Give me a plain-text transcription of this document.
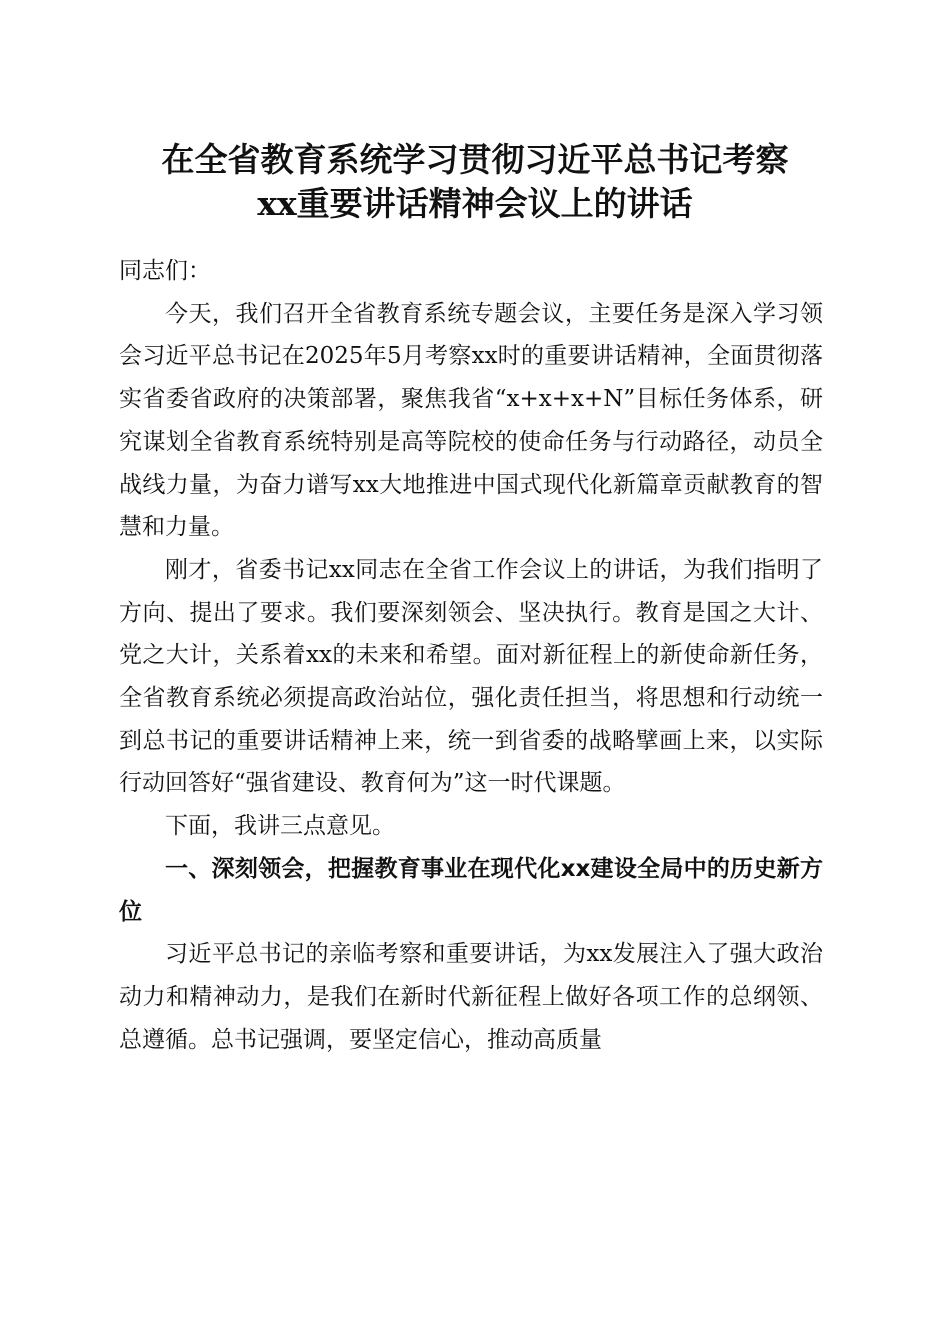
在全省教育系统学习贯彻习近平总书记考察
xx重要讲话精神会议上的讲话

同志们：

今天，我们召开全省教育系统专题会议，主要任务是深入学习领会习近平总书记在2025年5月考察xx时的重要讲话精神，全面贯彻落实省委省政府的决策部署，聚焦我省“x+x+x+N”目标任务体系，研究谋划全省教育系统特别是高等院校的使命任务与行动路径，动员全战线力量，为奋力谱写xx大地推进中国式现代化新篇章贡献教育的智慧和力量。

刚才，省委书记xx同志在全省工作会议上的讲话，为我们指明了方向、提出了要求。我们要深刻领会、坚决执行。教育是国之大计、党之大计，关系着xx的未来和希望。面对新征程上的新使命新任务，全省教育系统必须提高政治站位，强化责任担当，将思想和行动统一到总书记的重要讲话精神上来，统一到省委的战略擘画上来，以实际行动回答好“强省建设、教育何为”这一时代课题。

下面，我讲三点意见。

一、深刻领会，把握教育事业在现代化xx建设全局中的历史新方位

习近平总书记的亲临考察和重要讲话，为xx发展注入了强大政治动力和精神动力，是我们在新时代新征程上做好各项工作的总纲领、总遵循。总书记强调，要坚定信心，推动高质量
